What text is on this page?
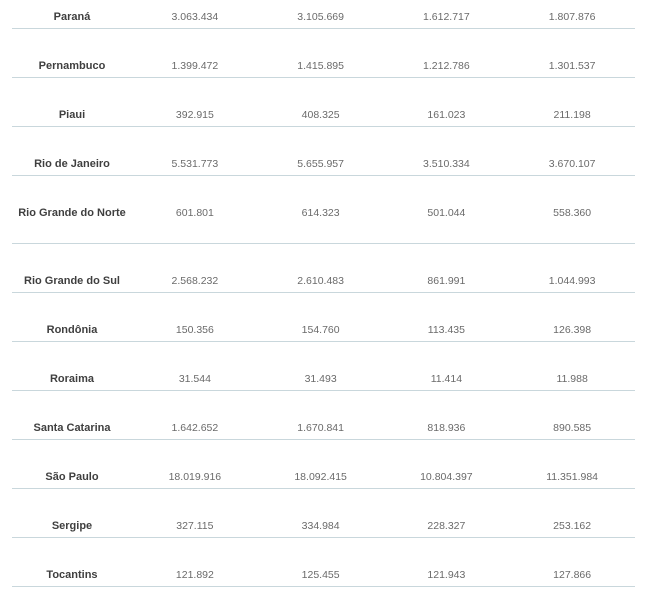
Paraná	3.063.434	3.105.669	1.612.717	1.807.876
Pernambuco	1.399.472	1.415.895	1.212.786	1.301.537
Piaui	392.915	408.325	161.023	211.198
Rio de Janeiro	5.531.773	5.655.957	3.510.334	3.670.107
Rio Grande do Norte	601.801	614.323	501.044	558.360
Rio Grande do Sul	2.568.232	2.610.483	861.991	1.044.993
Rondônia	150.356	154.760	113.435	126.398
Roraima	31.544	31.493	11.414	11.988
Santa Catarina	1.642.652	1.670.841	818.936	890.585
São Paulo	18.019.916	18.092.415	10.804.397	11.351.984
Sergipe	327.115	334.984	228.327	253.162
Tocantins	121.892	125.455	121.943	127.866
